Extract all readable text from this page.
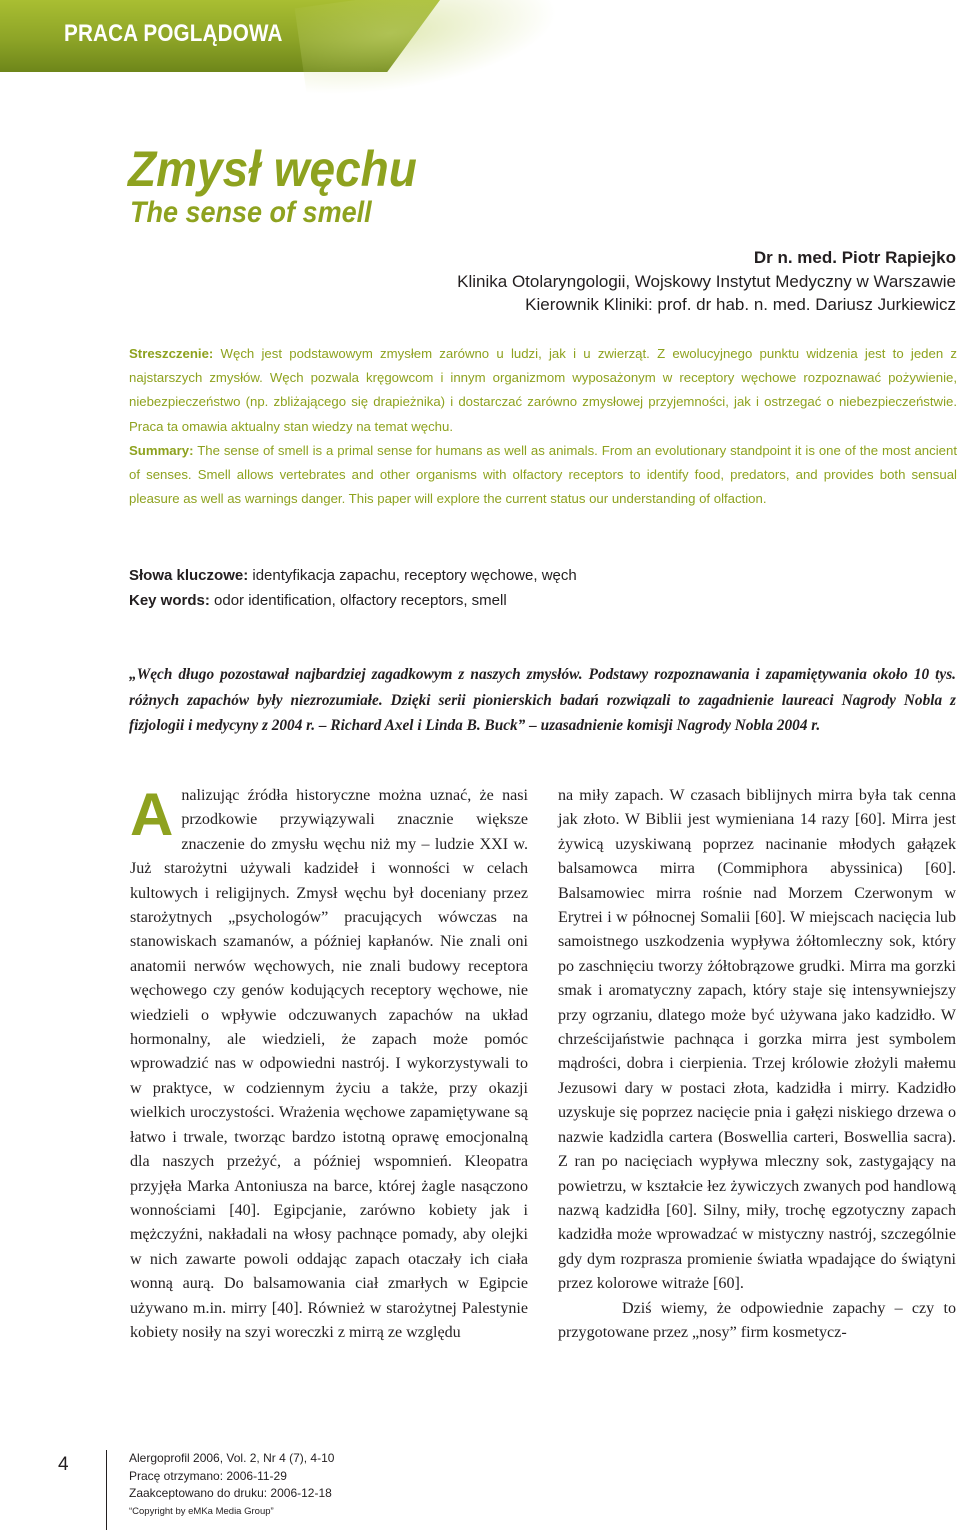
PRACA POGLĄDOWA
Zmysł węchu
The sense of smell
Dr n. med. Piotr Rapiejko
Klinika Otolaryngologii, Wojskowy Instytut Medyczny w Warszawie
Kierownik Kliniki: prof. dr hab. n. med. Dariusz Jurkiewicz

Streszczenie: Węch jest podstawowym zmysłem zarówno u ludzi, jak i u zwierząt. Z ewolucyjnego punktu widzenia jest to jeden z najstarszych zmysłów. Węch pozwala kręgowcom i innym organizmom wyposażonym w receptory węchowe rozpoznawać pożywienie, niebezpieczeństwo (np. zbliżającego się drapieżnika) i dostarczać zarówno zmysłowej przyjemności, jak i ostrzegać o niebezpieczeństwie. Praca ta omawia aktualny stan wiedzy na temat węchu.

Summary: The sense of smell is a primal sense for humans as well as animals. From an evolutionary standpoint it is one of the most ancient of senses. Smell allows vertebrates and other organisms with olfactory receptors to identify food, predators, and provides both sensual pleasure as well as warnings danger. This paper will explore the current status our understanding of olfaction.

Słowa kluczowe: identyfikacja zapachu, receptory węchowe, węch

Key words: odor identification, olfactory receptors, smell

„Węch długo pozostawał najbardziej zagadkowym z naszych zmysłów. Podstawy rozpoznawania i zapamiętywania około 10 tys. różnych zapachów były niezrozumiałe. Dzięki serii pionierskich badań rozwiązali to zagadnienie laureaci Nagrody Nobla z fizjologii i medycyny z 2004 r. – Richard Axel i Linda B. Buck” – uzasadnienie komisji Nagrody Nobla 2004 r.

Analizując źródła historyczne można uznać, że nasi przodkowie przywiązywali znacznie większe znaczenie do zmysłu węchu niż my – ludzie XXI w. Już starożytni używali kadzideł i wonności w celach kultowych i religijnych. Zmysł węchu był doceniany przez starożytnych „psychologów” pracujących wówczas na stanowiskach szamanów, a później kapłanów. Nie znali oni anatomii nerwów węchowych, nie znali budowy receptora węchowego czy genów kodujących receptory węchowe, nie wiedzieli o wpływie odczuwanych zapachów na układ hormonalny, ale wiedzieli, że zapach może pomóc wprowadzić nas w odpowiedni nastrój. I wykorzystywali to w praktyce, w codziennym życiu a także, przy okazji wielkich uroczystości. Wrażenia węchowe zapamiętywane są łatwo i trwale, tworząc bardzo istotną oprawę emocjonalną dla naszych przeżyć, a później wspomnień. Kleopatra przyjęła Marka Antoniusza na barce, której żagle nasączono wonnościami [40]. Egipcjanie, zarówno kobiety jak i mężczyźni, nakładali na włosy pachnące pomady, aby olejki w nich zawarte powoli oddając zapach otaczały ich ciała wonną aurą. Do balsamowania ciał zmarłych w Egipcie używano m.in. mirry [40]. Również w starożytnej Palestynie kobiety nosiły na szyi woreczki z mirrą ze względu

na miły zapach. W czasach biblijnych mirra była tak cenna jak złoto. W Biblii jest wymieniana 14 razy [60]. Mirra jest żywicą uzyskiwaną poprzez nacinanie młodych gałązek balsamowca mirra (Commiphora abyssinica) [60]. Balsamowiec mirra rośnie nad Morzem Czerwonym w Erytrei i w północnej Somalii [60]. W miejscach nacięcia lub samoistnego uszkodzenia wypływa żółtomleczny sok, który po zaschnięciu tworzy żółtobrązowe grudki. Mirra ma gorzki smak i aromatyczny zapach, który staje się intensywniejszy przy ogrzaniu, dlatego może być używana jako kadzidło. W chrześcijaństwie pachnąca i gorzka mirra jest symbolem mądrości, dobra i cierpienia. Trzej królowie złożyli małemu Jezusowi dary w postaci złota, kadzidła i mirry. Kadzidło uzyskuje się poprzez nacięcie pnia i gałęzi niskiego drzewa o nazwie kadzidla cartera (Boswellia carteri, Boswellia sacra). Z ran po nacięciach wypływa mleczny sok, zastygający na powietrzu, w kształcie łez żywiczych zwanych pod handlową nazwą kadzidła [60]. Silny, miły, trochę egzotyczny zapach kadzidła może wprowadzać w mistyczny nastrój, szczególnie gdy dym rozprasza promienie światła wpadające do świątyni przez kolorowe witraże [60].

Dziś wiemy, że odpowiednie zapachy – czy to przygotowane przez „nosy” firm kosmetycz-

4	Alergoprofil 2006, Vol. 2, Nr 4 (7), 4-10
Pracę otrzymano: 2006-11-29
Zaakceptowano do druku: 2006-12-18
“Copyright by eMKa Media Group”
